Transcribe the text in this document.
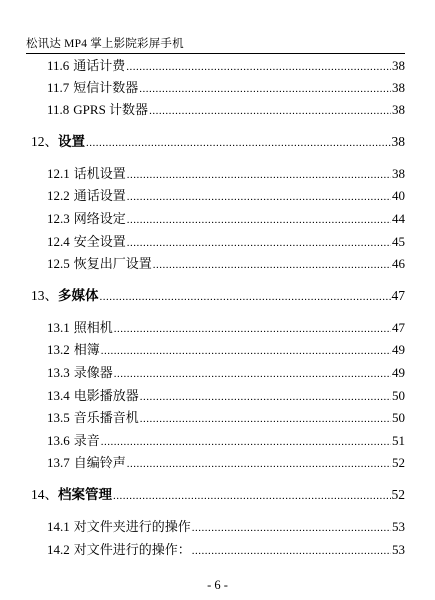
松讯达 MP4 掌上影院彩屏手机
11.6 通话计费 .....	38
11.7 短信计数器 .....	38
11.8 GPRS 计数器 .....	38
12、 设置 .....	38
12.1 话机设置 .....	38
12.2 通话设置 .....	40
12.3 网络设定 .....	44
12.4 安全设置 .....	45
12.5 恢复出厂设置 .....	46
13、 多媒体 .....	47
13.1 照相机 .....	47
13.2 相簿 .....	49
13.3 录像器 .....	49
13.4 电影播放器 .....	50
13.5 音乐播音机 .....	50
13.6 录音 .....	51
13.7 自编铃声 .....	52
14、 档案管理 .....	52
14.1 对文件夹进行的操作 .....	53
14.2 对文件进行的操作： .....	53
- 6 -
